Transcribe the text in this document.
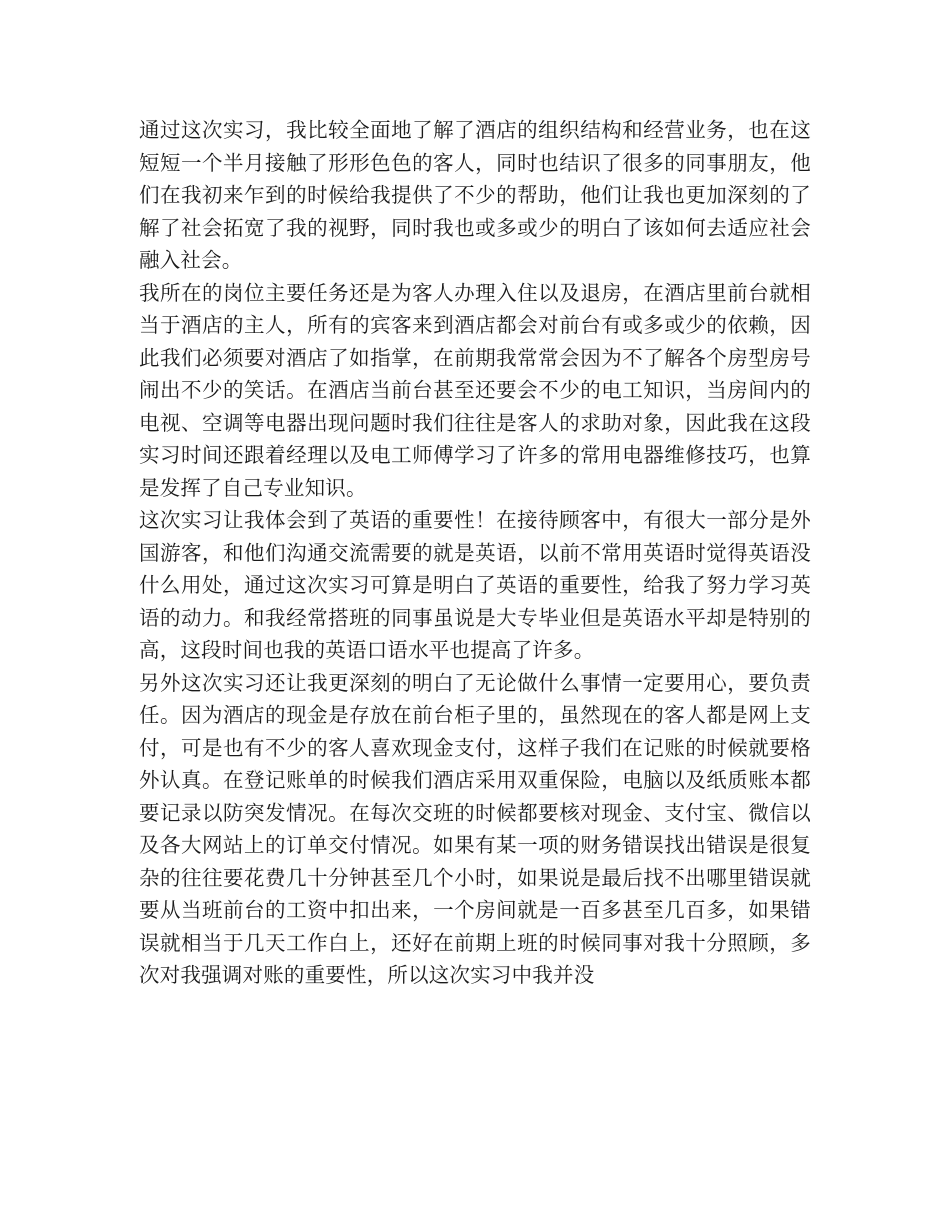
通过这次实习，我比较全面地了解了酒店的组织结构和经营业务，也在这短短一个半月接触了形形色色的客人，同时也结识了很多的同事朋友，他们在我初来乍到的时候给我提供了不少的帮助，他们让我也更加深刻的了解了社会拓宽了我的视野，同时我也或多或少的明白了该如何去适应社会融入社会。

我所在的岗位主要任务还是为客人办理入住以及退房，在酒店里前台就相当于酒店的主人，所有的宾客来到酒店都会对前台有或多或少的依赖，因此我们必须要对酒店了如指掌，在前期我常常会因为不了解各个房型房号闹出不少的笑话。在酒店当前台甚至还要会不少的电工知识，当房间内的电视、空调等电器出现问题时我们往往是客人的求助对象，因此我在这段实习时间还跟着经理以及电工师傅学习了许多的常用电器维修技巧，也算是发挥了自己专业知识。

这次实习让我体会到了英语的重要性！在接待顾客中，有很大一部分是外国游客，和他们沟通交流需要的就是英语，以前不常用英语时觉得英语没什么用处，通过这次实习可算是明白了英语的重要性，给我了努力学习英语的动力。和我经常搭班的同事虽说是大专毕业但是英语水平却是特别的高，这段时间也我的英语口语水平也提高了许多。

另外这次实习还让我更深刻的明白了无论做什么事情一定要用心，要负责任。因为酒店的现金是存放在前台柜子里的，虽然现在的客人都是网上支付，可是也有不少的客人喜欢现金支付，这样子我们在记账的时候就要格外认真。在登记账单的时候我们酒店采用双重保险，电脑以及纸质账本都要记录以防突发情况。在每次交班的时候都要核对现金、支付宝、微信以及各大网站上的订单交付情况。如果有某一项的财务错误找出错误是很复杂的往往要花费几十分钟甚至几个小时，如果说是最后找不出哪里错误就要从当班前台的工资中扣出来，一个房间就是一百多甚至几百多，如果错误就相当于几天工作白上，还好在前期上班的时候同事对我十分照顾，多次对我强调对账的重要性，所以这次实习中我并没
